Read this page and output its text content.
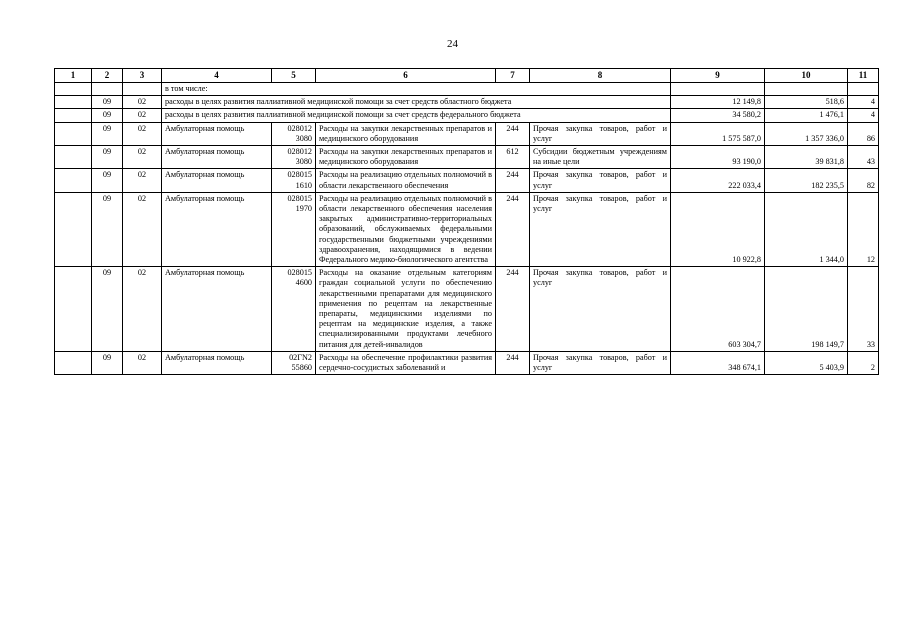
24
1	2	3	4	5	6	7	8	9	10	11
			в том числе:							
	09	02	расходы в целях развития паллиативной медицинской помощи за счет средств областного бюджета					12 149,8	518,6	4
	09	02	расходы в целях развития паллиативной медицинской помощи за счет средств федерального бюджета					34 580,2	1 476,1	4
	09	02	Амбулаторная помощь	028012 3080	Расходы на закупки лекарственных препаратов и медицинского оборудования	244	Прочая закупка товаров, работ и услуг	1 575 587,0	1 357 336,0	86
	09	02	Амбулаторная помощь	028012 3080	Расходы на закупки лекарственных препаратов и медицинского оборудования	612	Субсидии бюджетным учреждениям на иные цели	93 190,0	39 831,8	43
	09	02	Амбулаторная помощь	028015 1610	Расходы на реализацию отдельных полномочий в области лекарственного обеспечения	244	Прочая закупка товаров, работ и услуг	222 033,4	182 235,5	82
	09	02	Амбулаторная помощь	028015 1970	Расходы на реализацию отдельных полномочий в области лекарственного обеспечения населения закрытых административно-территориальных образований, обслуживаемых федеральными государственными бюджетными учреждениями здравоохранения, находящимися в ведении Федерального медико-биологического агентства	244	Прочая закупка товаров, работ и услуг	10 922,8	1 344,0	12
	09	02	Амбулаторная помощь	028015 4600	Расходы на оказание отдельным категориям граждан социальной услуги по обеспечению лекарственными препаратами для медицинского применения по рецептам на лекарственные препараты, медицинскими изделиями по рецептам на медицинские изделия, а также специализированными продуктами лечебного питания для детей-инвалидов	244	Прочая закупка товаров, работ и услуг	603 304,7	198 149,7	33
	09	02	Амбулаторная помощь	02ГN2 55860	Расходы на обеспечение профилактики развития сердечно-сосудистых заболеваний и	244	Прочая закупка товаров, работ и услуг	348 674,1	5 403,9	2
